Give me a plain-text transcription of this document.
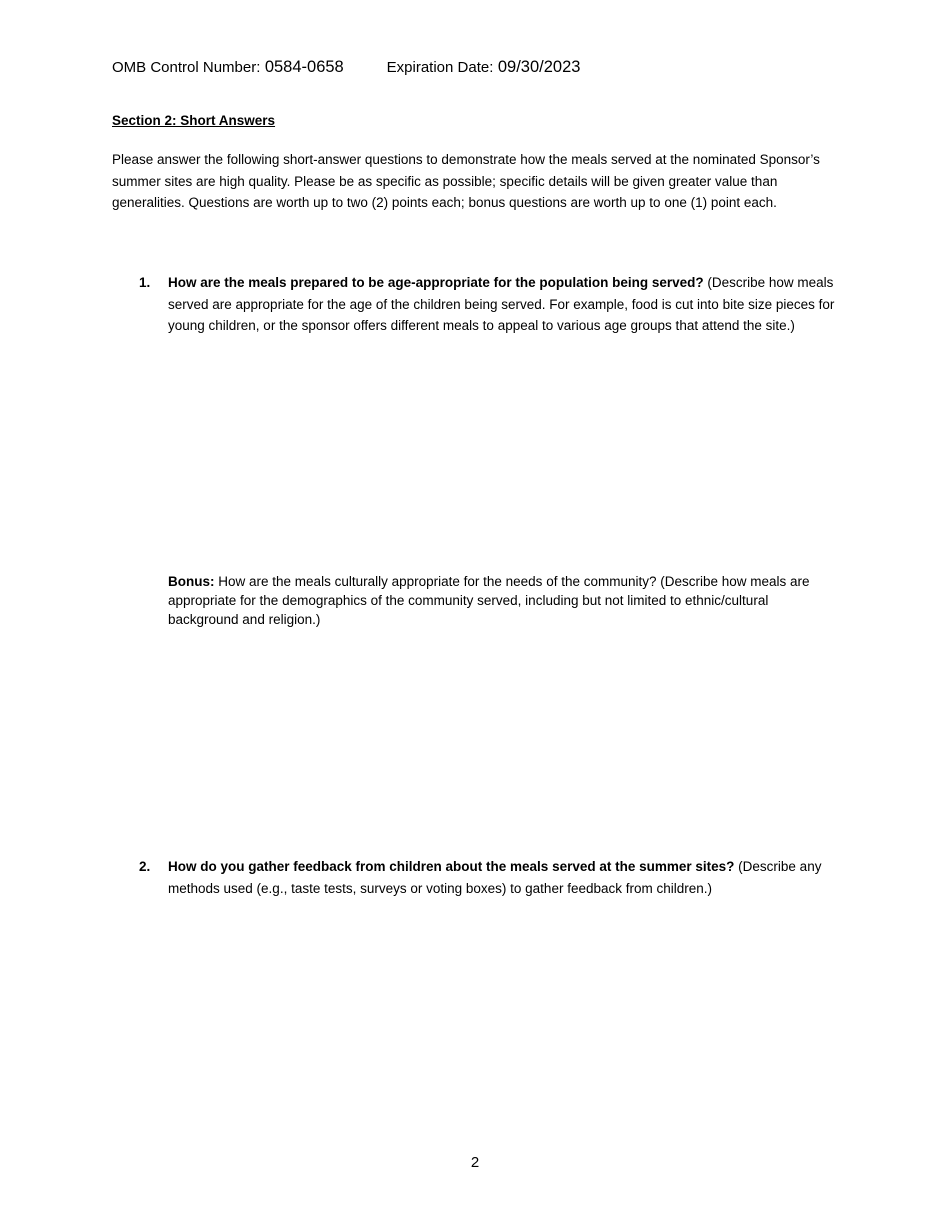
OMB Control Number: 0584-0658	Expiration Date: 09/30/2023
Section 2: Short Answers

Please answer the following short-answer questions to demonstrate how the meals served at the nominated Sponsor’s summer sites are high quality. Please be as specific as possible; specific details will be given greater value than generalities. Questions are worth up to two (2) points each; bonus questions are worth up to one (1) point each.

1. How are the meals prepared to be age-appropriate for the population being served? (Describe how meals served are appropriate for the age of the children being served. For example, food is cut into bite size pieces for young children, or the sponsor offers different meals to appeal to various age groups that attend the site.)
Bonus: How are the meals culturally appropriate for the needs of the community? (Describe how meals are appropriate for the demographics of the community served, including but not limited to ethnic/cultural background and religion.)
2. How do you gather feedback from children about the meals served at the summer sites? (Describe any methods used (e.g., taste tests, surveys or voting boxes) to gather feedback from children.)
2
